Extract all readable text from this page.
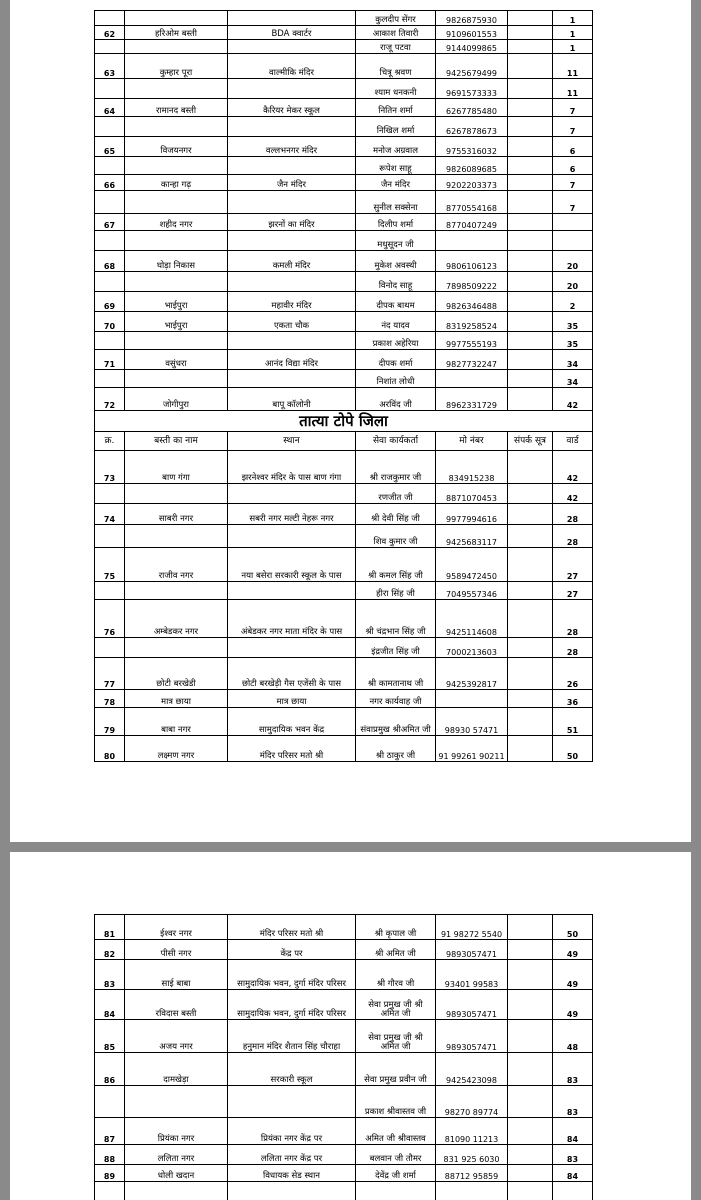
			कुलदीप सेंगर	9826875930		1
62	हरिओम बस्ती	BDA क्वार्टर	आकाश तिवारी	9109601553		1
			राजू पटवा	9144099865		1
63	कुम्हार पूरा	वाल्मीकि मंदिर	चित्रू श्रवण	9425679499		11
			श्याम धनकनी	9691573333		11
64	रामानद बस्ती	कैरियर मेकर स्कूल	नितिन शर्मा	6267785480		7
			निखिल शर्मा	6267878673		7
65	विजयनगर	वल्लभनगर मंदिर	मनोज अग्रवाल	9755316032		6
			रूपेश साहू	9826089685		6
66	कान्हा गढ़	जैन मंदिर	जैन मंदिर	9202203373		7
			सुनील सक्सेना	8770554168		7
67	शहीद नगर	झरनों का मंदिर	दिलीप शर्मा	8770407249		
			मधुसूदन जी			
68	घोड़ा निकास	कमली मंदिर	मुकेश अवस्थी	9806106123		20
			विनोद साहू	7898509222		20
69	भाईपुरा	महावीर मंदिर	दीपक बाथम	9826346488		2
70	भाईपुरा	एकता चौक	नंद यादव	8319258524		35
			प्रकाश अहेरिया	9977555193		35
71	वसुंधरा	आनंद विद्या मंदिर	दीपक शर्मा	9827732247		34
			निशांत लोधी			34
72	जोगीपुरा	बापू कॉलोनी	अरविंद जी	8962331729		42
तात्या टोपे जिला						
क्र.	बस्ती का नाम	स्थान	सेवा कार्यकर्ता	मो नंबर	संपर्क सूत्र	वार्ड
73	बाण गंगा	झरनेश्वर मंदिर के पास बाण गंगा	श्री राजकुमार जी	834915238		42
			रणजीत जी	8871070453		42
74	साबरी नगर	सबरी नगर मल्टी नेहरू नगर	श्री देवी सिंह जी	9977994616		28
			शिव कुमार जी	9425683117		28
75	राजीव नगर	नया बसेरा सरकारी स्कूल के पास	श्री कमल सिंह जी	9589472450		27
			हीरा सिंह जी	7049557346		27
76	अम्बेडकर नगर	अंबेडकर नगर माता मंदिर के पास	श्री चंद्रभान सिंह जी	9425114608		28
			इंद्रजीत सिंह जी	7000213603		28
77	छोटी बरखेडी	छोटी बरखेड़ी गैस एजेंसी के पास	श्री कामतानाथ जी	9425392817		26
78	मात्र छाया	मात्र छाया	नगर कार्यवाह जी			36
79	बाबा नगर	सामुदायिक भवन केंद्र	संवाप्रमुख श्रीअमित जी	98930 57471		51
80	लक्ष्मण नगर	मंदिर परिसर मतो श्री	श्री ठाकुर जी	91 99261 90211		50
81	ईश्वर नगर	मंदिर परिसर मतो श्री	श्री कृपाल जी	91 98272 5540		50
82	पीसी नगर	केंद्र पर	श्री अमित जी	9893057471		49
83	साई बाबा	सामुदायिक भवन, दुर्गा मंदिर परिसर	श्री गौरव जी	93401 99583		49
84	रविदास बस्ती	सामुदायिक भवन, दुर्गा मंदिर परिसर	सेवा प्रमुख जी श्री अमित जी	9893057471		49
85	अजय नगर	हनुमान मंदिर शैतान सिंह चौराहा	सेवा प्रमुख जी श्री अमित जी	9893057471		48
86	दामखेड़ा	सरकारी स्कूल	सेवा प्रमुख प्रवीन जी	9425423098		83
			प्रकाश श्रीवास्तव जी	98270 89774		83
87	प्रियंका नगर	प्रियंका नगर केंद्र पर	अमित जी श्रीवास्तव	81090 11213		84
88	ललिता नगर	ललिता नगर केंद्र पर	बलवान जी तौमर	831 925 6030		83
89	धोली खदान	विधायक सेड स्थान	देवेंद्र जी शर्मा	88712 95859		84
